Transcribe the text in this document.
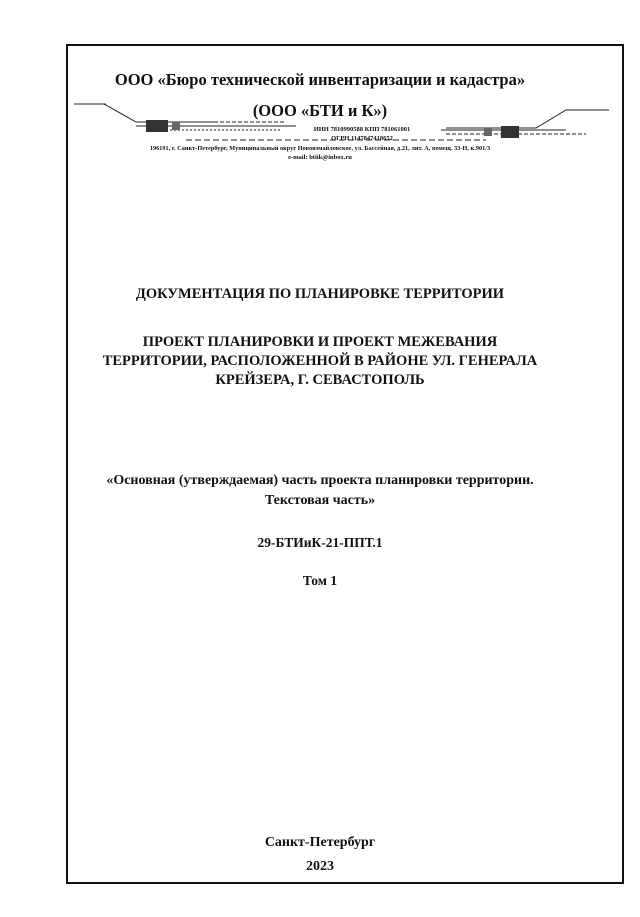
ООО «Бюро технической инвентаризации и кадастра»
(ООО «БТИ и К»)
ИНН 7810990588 КПП 781061001
ОГРН 1147847418652
196191, г. Санкт-Петербург, Муниципальный округ Новоизмайловское, ул. Бассейная, д.21, лит. А, помещ. 33-Н, к.901/3
e-mail: btiik@inbox.ru
ДОКУМЕНТАЦИЯ ПО ПЛАНИРОВКЕ ТЕРРИТОРИИ
ПРОЕКТ ПЛАНИРОВКИ И ПРОЕКТ МЕЖЕВАНИЯ
ТЕРРИТОРИИ, РАСПОЛОЖЕННОЙ В РАЙОНЕ УЛ. ГЕНЕРАЛА
КРЕЙЗЕРА, Г. СЕВАСТОПОЛЬ
«Основная (утверждаемая) часть проекта планировки территории.
Текстовая часть»
29-БТИиК-21-ППТ.1
Том 1
Санкт-Петербург
2023
